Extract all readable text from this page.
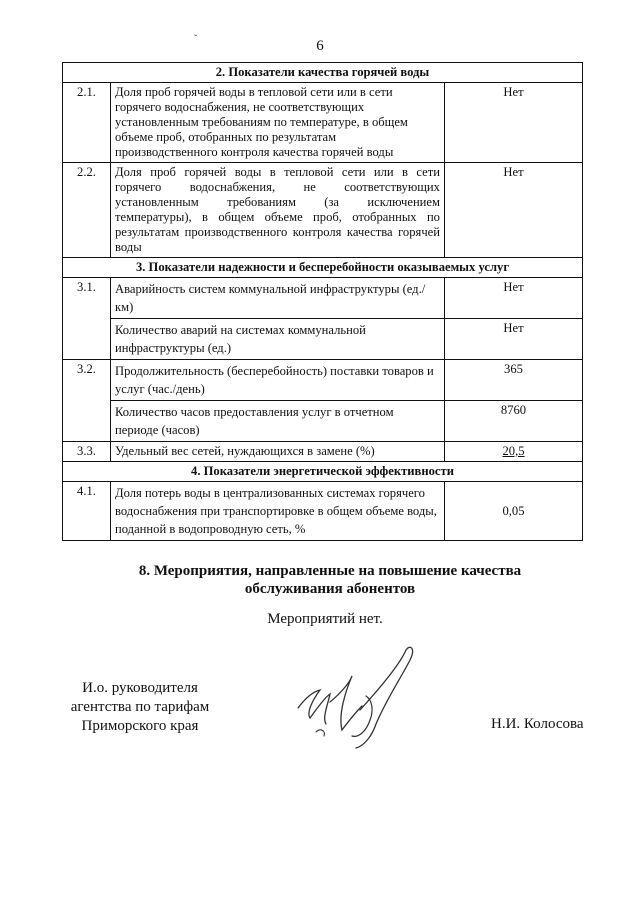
6
ˇ
2. Показатели качества горячей воды		
2.1.	Доля проб горячей воды в тепловой сети или в сети горячего водоснабжения, не соответствующих установленным требованиям по температуре, в общем объеме проб, отобранных по результатам производственного контроля качества горячей воды	Нет
2.2.	Доля проб горячей воды в тепловой сети или в сети горячего водоснабжения, не соответствующих установленным требованиям (за исключением температуры), в общем объеме проб, отобранных по результатам производственного контроля качества горячей воды	Нет
3. Показатели надежности и бесперебойности оказываемых услуг		
3.1.	Аварийность систем коммунальной инфраструктуры (ед./км)	Нет
	Количество аварий на системах коммунальной инфраструктуры (ед.)	Нет
3.2.	Продолжительность (бесперебойность) поставки товаров и услуг (час./день)	365
	Количество часов предоставления услуг в отчетном периоде (часов)	8760
3.3.	Удельный вес сетей, нуждающихся в замене (%)	20,5
4. Показатели энергетической эффективности		
4.1.	Доля потерь воды в централизованных системах горячего водоснабжения при транспортировке в общем объеме воды, поданной в водопроводную сеть, %	0,05
8. Мероприятия, направленные на повышение качества
обслуживания абонентов
Мероприятий нет.
И.о. руководителя
агентства по тарифам
Приморского края	Н.И. Колосова
